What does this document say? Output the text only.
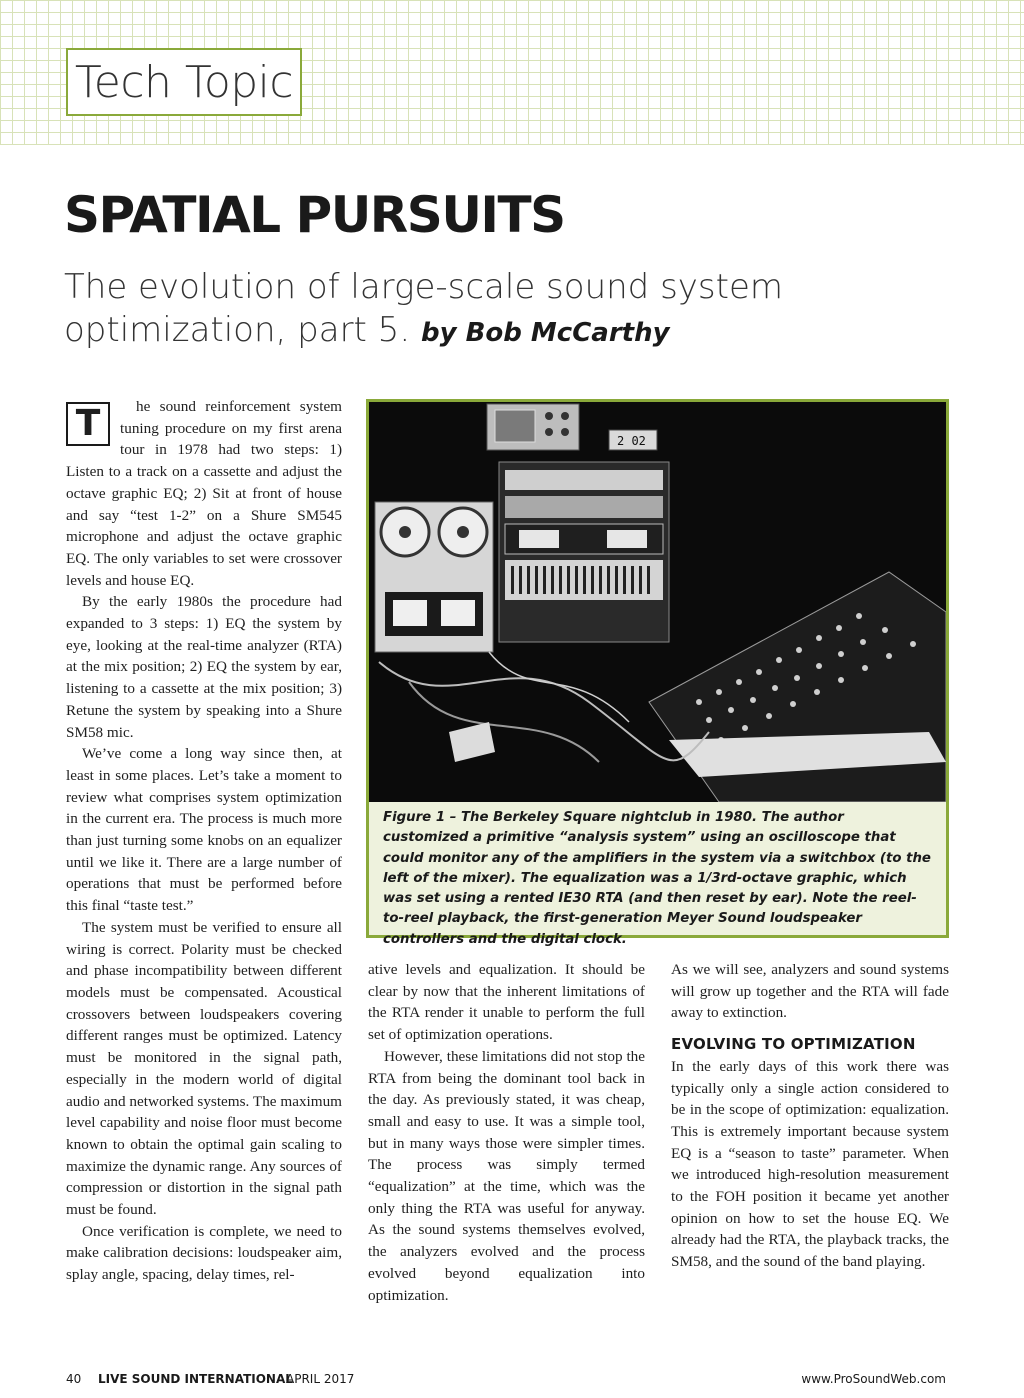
Tech Topic
SPATIAL PURSUITS
The evolution of large-scale sound system optimization, part 5. by Bob McCarthy
T	he sound reinforcement system tuning procedure on my first arena tour in 1978 had two steps: 1) Listen to a track on a cassette and adjust the octave graphic EQ; 2) Sit at front of house and say “test 1-2” on a Shure SM545 microphone and adjust the octave graphic EQ. The only variables to set were crossover levels and house EQ.

By the early 1980s the procedure had expanded to 3 steps: 1) EQ the system by eye, looking at the real-time analyzer (RTA) at the mix position; 2) EQ the system by ear, listening to a cassette at the mix position; 3) Retune the system by speaking into a Shure SM58 mic.

We’ve come a long way since then, at least in some places. Let’s take a moment to review what comprises system optimization in the current era. The process is much more than just turning some knobs on an equalizer until we like it. There are a large number of operations that must be performed before this final “taste test.”

The system must be verified to ensure all wiring is correct. Polarity must be checked and phase incompatibility between different models must be compensated. Acoustical crossovers between loudspeakers covering different ranges must be optimized. Latency must be monitored in the signal path, especially in the modern world of digital audio and networked systems. The maximum level capability and noise floor must become known to obtain the optimal gain scaling to maximize the dynamic range. Any sources of compression or distortion in the signal path must be found.

Once verification is complete, we need to make calibration decisions: loudspeaker aim, splay angle, spacing, delay times, rel-

2 02
Figure 1 – The Berkeley Square nightclub in 1980. The author customized a primitive “analysis system” using an oscilloscope that could monitor any of the amplifiers in the system via a switchbox (to the left of the mixer). The equalization was a 1/3rd-octave graphic, which was set using a rented IE30 RTA (and then reset by ear). Note the reel-to-reel playback, the first-generation Meyer Sound loudspeaker controllers and the digital clock.

ative levels and equalization. It should be clear by now that the inherent limitations of the RTA render it unable to perform the full set of optimization operations.

However, these limitations did not stop the RTA from being the dominant tool back in the day. As previously stated, it was cheap, small and easy to use. It was a simple tool, but in many ways those were simpler times. The process was simply termed “equalization” at the time, which was the only thing the RTA was useful for anyway. As the sound systems themselves evolved, the analyzers evolved and the process evolved beyond equalization into optimization.

As we will see, analyzers and sound systems will grow up together and the RTA will fade away to extinction.

EVOLVING TO OPTIMIZATION

In the early days of this work there was typically only a single action considered to be in the scope of optimization: equalization. This is extremely important because system EQ is a “season to taste” parameter. When we introduced high-resolution measurement to the FOH position it became yet another opinion on how to set the house EQ. We already had the RTA, the playback tracks, the SM58, and the sound of the band playing.

40 LIVE SOUND INTERNATIONAL
APRIL 2017	www.ProSoundWeb.com
